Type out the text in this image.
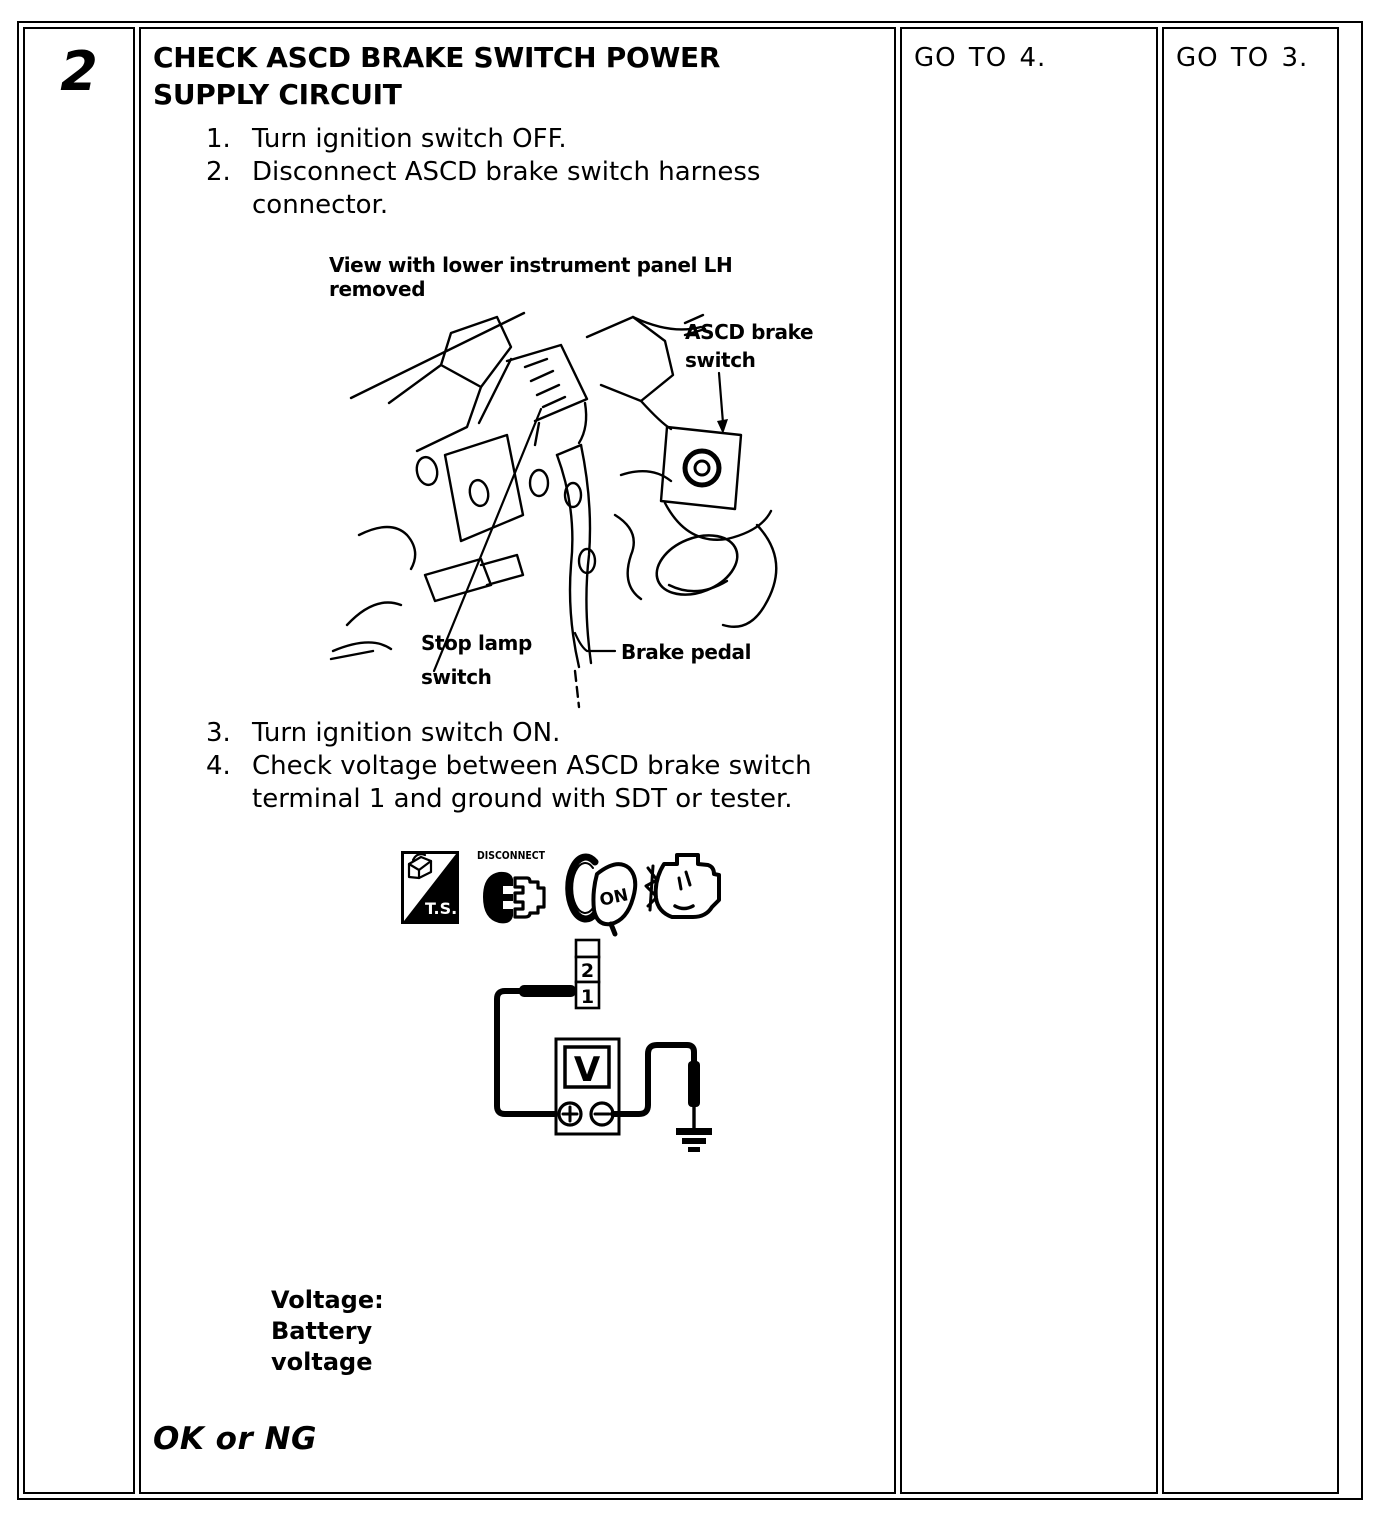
2	CHECK ASCD BRAKE SWITCH POWER
SUPPLY CIRCUIT
1. Turn ignition switch OFF.
2. Disconnect ASCD brake switch harness
connector.
View with lower instrument panel LH removed
ASCD brake
switch
Stop lamp
switch
Brake pedal
3. Turn ignition switch ON.
4. Check voltage between ASCD brake switch
terminal 1 and ground with SDT or tester.
T.S.
DISCONNECT
ON
2
1
V
Voltage:
Battery
voltage
OK or NG
GO TO 4.	GO TO 3.
